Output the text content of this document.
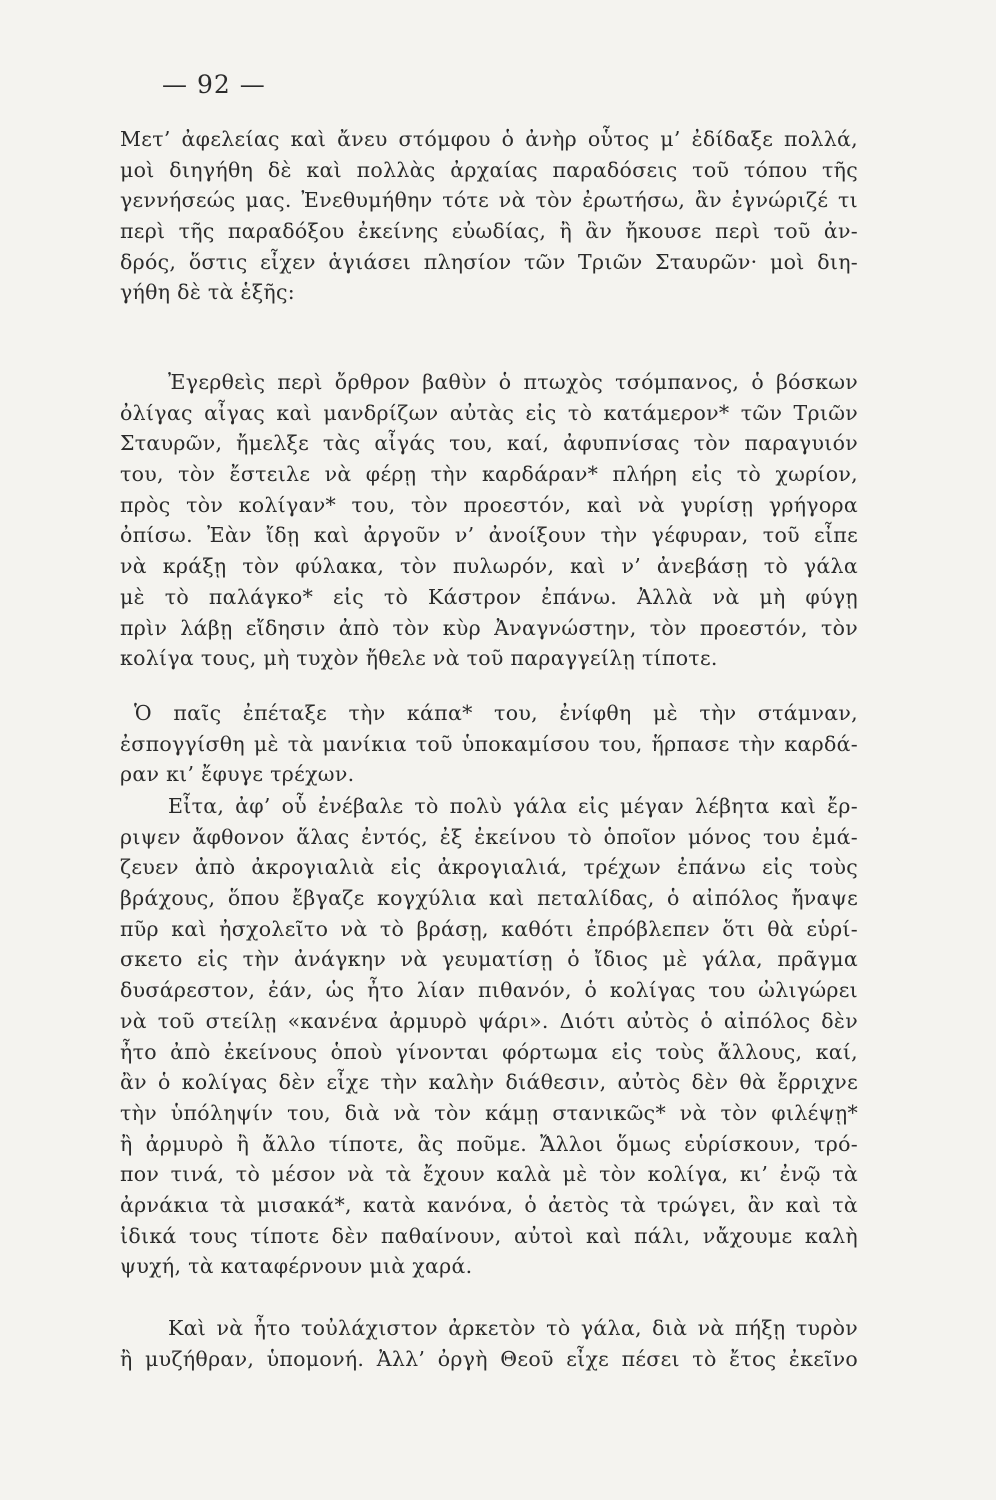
— 92 —
Μετ’ ἀφελείας καὶ ἄνευ στόμφου ὁ ἀνὴρ οὗτος μ’ ἐδίδαξε πολλά,
μοὶ διηγήθη δὲ καὶ πολλὰς ἀρχαίας παραδόσεις τοῦ τόπου τῆς
γεννήσεώς μας. Ἐνεθυμήθην τότε νὰ τὸν ἐρωτήσω, ἂν ἐγνώριζέ τι
περὶ τῆς παραδόξου ἐκείνης εὐωδίας, ἢ ἂν ἤκουσε περὶ τοῦ ἀν-
δρός, ὅστις εἶχεν ἁγιάσει πλησίον τῶν Τριῶν Σταυρῶν· μοὶ διη-
γήθη δὲ τὰ ἑξῆς:
Ἐγερθεὶς περὶ ὄρθρον βαθὺν ὁ πτωχὸς τσόμπανος, ὁ βόσκων
ὀλίγας αἶγας καὶ μανδρίζων αὐτὰς εἰς τὸ κατάμερον* τῶν Τριῶν
Σταυρῶν, ἤμελξε τὰς αἶγάς του, καί, ἀφυπνίσας τὸν παραγυιόν
του, τὸν ἔστειλε νὰ φέρῃ τὴν καρδάραν* πλήρη εἰς τὸ χωρίον,
πρὸς τὸν κολίγαν* του, τὸν προεστόν, καὶ νὰ γυρίσῃ γρήγορα
ὀπίσω. Ἐὰν ἴδῃ καὶ ἀργοῦν ν’ ἀνοίξουν τὴν γέφυραν, τοῦ εἶπε
νὰ κράξῃ τὸν φύλακα, τὸν πυλωρόν, καὶ ν’ ἀνεβάσῃ τὸ γάλα
μὲ τὸ παλάγκο* εἰς τὸ Κάστρον ἐπάνω. Ἀλλὰ νὰ μὴ φύγῃ
πρὶν λάβῃ εἴδησιν ἀπὸ τὸν κὺρ Ἀναγνώστην, τὸν προεστόν, τὸν
κολίγα τους, μὴ τυχὸν ἤθελε νὰ τοῦ παραγγείλῃ τίποτε.
Ὁ παῖς ἐπέταξε τὴν κάπα* του, ἐνίφθη μὲ τὴν στάμναν,
ἐσπογγίσθη μὲ τὰ μανίκια τοῦ ὑποκαμίσου του, ἥρπασε τὴν καρδά-
ραν κι’ ἔφυγε τρέχων.
Εἶτα, ἀφ’ οὗ ἐνέβαλε τὸ πολὺ γάλα εἰς μέγαν λέβητα καὶ ἔρ-
ριψεν ἄφθονον ἅλας ἐντός, ἐξ ἐκείνου τὸ ὁποῖον μόνος του ἐμά-
ζευεν ἀπὸ ἀκρογιαλιὰ εἰς ἀκρογιαλιά, τρέχων ἐπάνω εἰς τοὺς
βράχους, ὅπου ἔβγαζε κογχύλια καὶ πεταλίδας, ὁ αἰπόλος ἤναψε
πῦρ καὶ ἠσχολεῖτο νὰ τὸ βράσῃ, καθότι ἐπρόβλεπεν ὅτι θὰ εὑρί-
σκετο εἰς τὴν ἀνάγκην νὰ γευματίσῃ ὁ ἴδιος μὲ γάλα, πρᾶγμα
δυσάρεστον, ἐάν, ὡς ἦτο λίαν πιθανόν, ὁ κολίγας του ὠλιγώρει
νὰ τοῦ στείλῃ «κανένα ἀρμυρὸ ψάρι». Διότι αὐτὸς ὁ αἰπόλος δὲν
ἦτο ἀπὸ ἐκείνους ὁποὺ γίνονται φόρτωμα εἰς τοὺς ἄλλους, καί,
ἂν ὁ κολίγας δὲν εἶχε τὴν καλὴν διάθεσιν, αὐτὸς δὲν θὰ ἔρριχνε
τὴν ὑπόληψίν του, διὰ νὰ τὸν κάμῃ στανικῶς* νὰ τὸν φιλέψῃ*
ἢ ἀρμυρὸ ἢ ἄλλο τίποτε, ἂς ποῦμε. Ἄλλοι ὅμως εὑρίσκουν, τρό-
πον τινά, τὸ μέσον νὰ τὰ ἔχουν καλὰ μὲ τὸν κολίγα, κι’ ἐνῷ τὰ
ἀρνάκια τὰ μισακά*, κατὰ κανόνα, ὁ ἀετὸς τὰ τρώγει, ἂν καὶ τὰ
ἰδικά τους τίποτε δὲν παθαίνουν, αὐτοὶ καὶ πάλι, νἄχουμε καλὴ
ψυχή, τὰ καταφέρνουν μιὰ χαρά.
Καὶ νὰ ἦτο τοὐλάχιστον ἀρκετὸν τὸ γάλα, διὰ νὰ πήξῃ τυρὸν
ἢ μυζήθραν, ὑπομονή. Ἀλλ’ ὀργὴ Θεοῦ εἶχε πέσει τὸ ἔτος ἐκεῖνο
